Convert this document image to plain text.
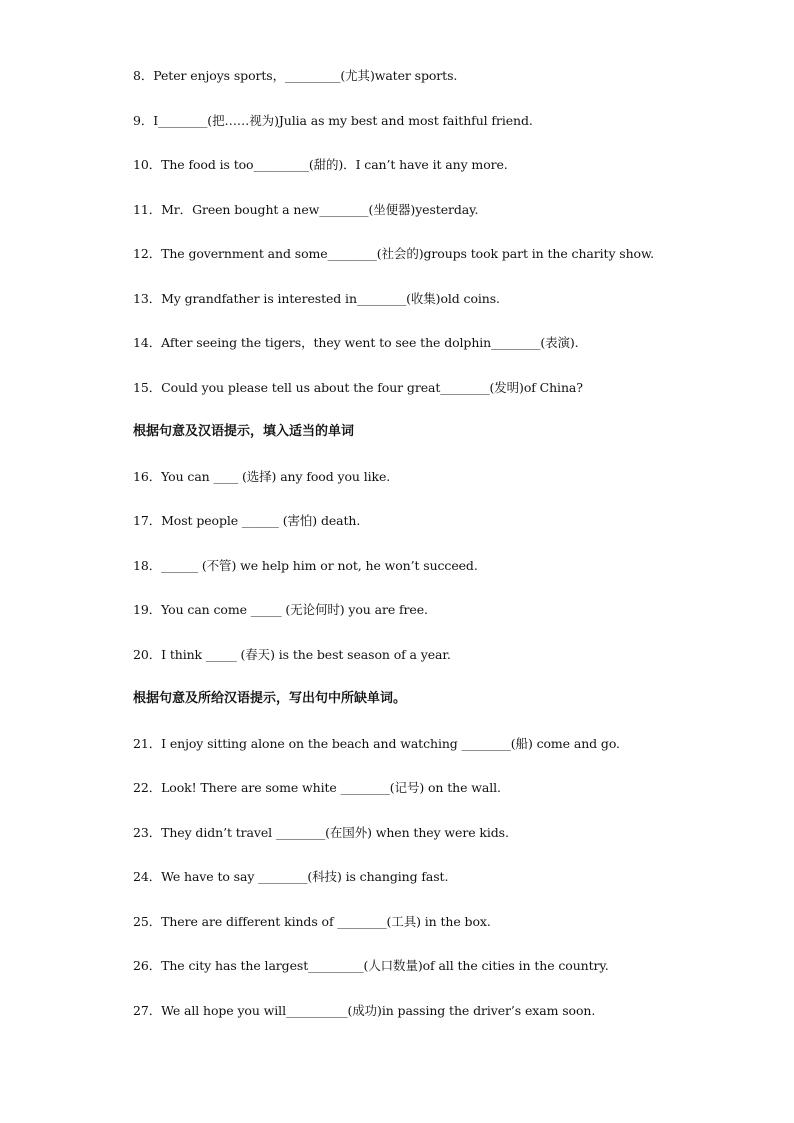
8．Peter enjoys sports，_________(尤其)water sports.
9．I________(把……视为)Julia as my best and most faithful friend.
10．The food is too_________(甜的)．I can’t have it any more.
11．Mr．Green bought a new________(坐便器)yesterday.
12．The government and some________(社会的)groups took part in the charity show.
13．My grandfather is interested in________(收集)old coins.
14．After seeing the tigers，they went to see the dolphin________(表演).
15．Could you please tell us about the four great________(发明)of China?
根据句意及汉语提示，填入适当的单词
16．You can ____ (选择) any food you like.
17．Most people ______ (害怕) death.
18．______ (不管) we help him or not, he won’t succeed.
19．You can come _____ (无论何时) you are free.
20．I think _____ (春天) is the best season of a year.
根据句意及所给汉语提示，写出句中所缺单词。
21．I enjoy sitting alone on the beach and watching ________(船) come and go.
22．Look! There are some white ________(记号) on the wall.
23．They didn’t travel ________(在国外) when they were kids.
24．We have to say ________(科技) is changing fast.
25．There are different kinds of ________(工具) in the box.
26．The city has the largest_________(人口数量)of all the cities in the country.
27．We all hope you will__________(成功)in passing the driver’s exam soon.
